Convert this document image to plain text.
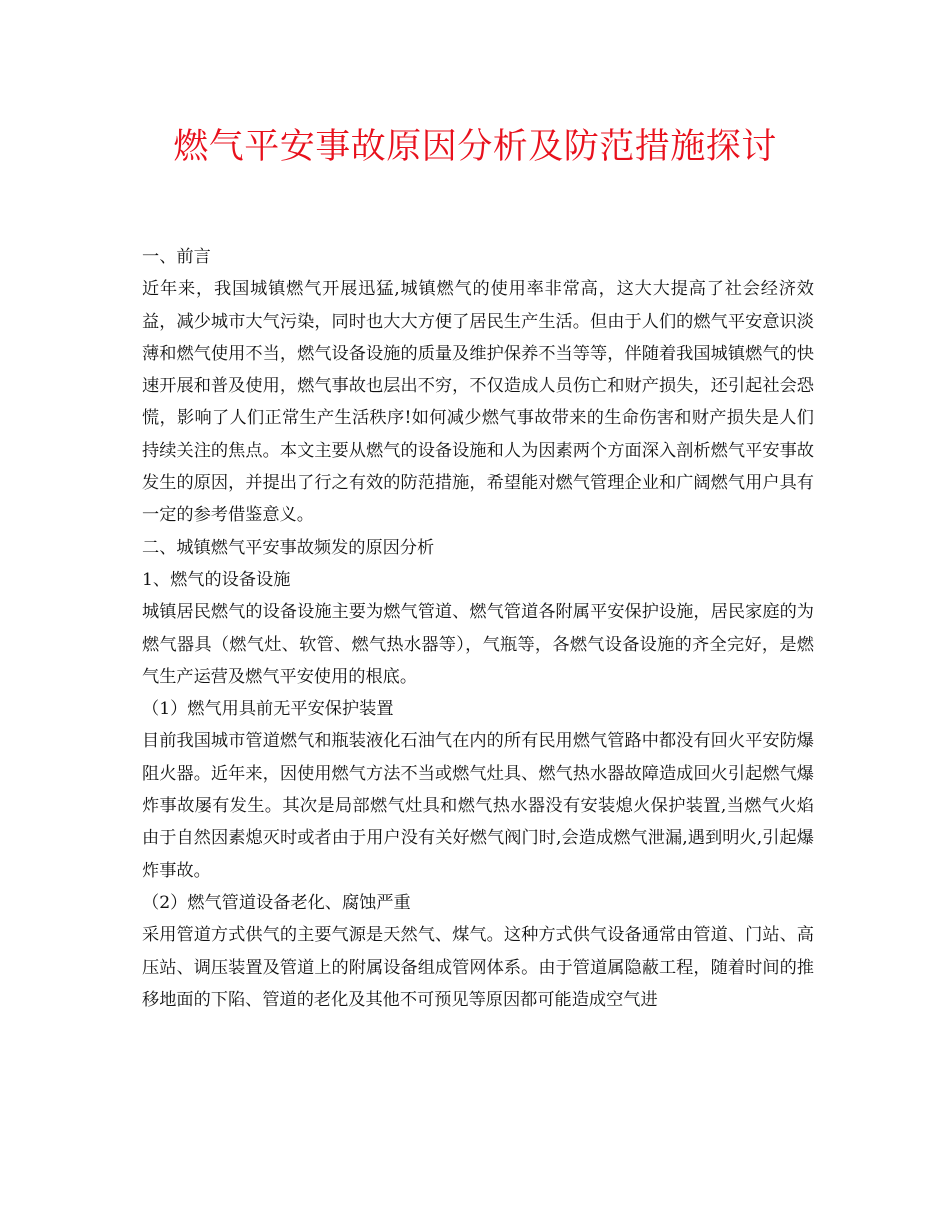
燃气平安事故原因分析及防范措施探讨

一、前言

近年来，我国城镇燃气开展迅猛,城镇燃气的使用率非常高，这大大提高了社会经济效益，减少城市大气污染，同时也大大方便了居民生产生活。但由于人们的燃气平安意识淡薄和燃气使用不当，燃气设备设施的质量及维护保养不当等等，伴随着我国城镇燃气的快速开展和普及使用，燃气事故也层出不穷，不仅造成人员伤亡和财产损失，还引起社会恐慌，影响了人们正常生产生活秩序!如何减少燃气事故带来的生命伤害和财产损失是人们持续关注的焦点。本文主要从燃气的设备设施和人为因素两个方面深入剖析燃气平安事故发生的原因，并提出了行之有效的防范措施，希望能对燃气管理企业和广阔燃气用户具有一定的参考借鉴意义。

二、城镇燃气平安事故频发的原因分析

1、燃气的设备设施

城镇居民燃气的设备设施主要为燃气管道、燃气管道各附属平安保护设施，居民家庭的为燃气器具（燃气灶、软管、燃气热水器等），气瓶等，各燃气设备设施的齐全完好，是燃气生产运营及燃气平安使用的根底。

（1）燃气用具前无平安保护装置

目前我国城市管道燃气和瓶装液化石油气在内的所有民用燃气管路中都没有回火平安防爆阻火器。近年来，因使用燃气方法不当或燃气灶具、燃气热水器故障造成回火引起燃气爆炸事故屡有发生。其次是局部燃气灶具和燃气热水器没有安装熄火保护装置,当燃气火焰由于自然因素熄灭时或者由于用户没有关好燃气阀门时,会造成燃气泄漏,遇到明火,引起爆炸事故。

（2）燃气管道设备老化、腐蚀严重

采用管道方式供气的主要气源是天然气、煤气。这种方式供气设备通常由管道、门站、高压站、调压装置及管道上的附属设备组成管网体系。由于管道属隐蔽工程，随着时间的推移地面的下陷、管道的老化及其他不可预见等原因都可能造成空气进
